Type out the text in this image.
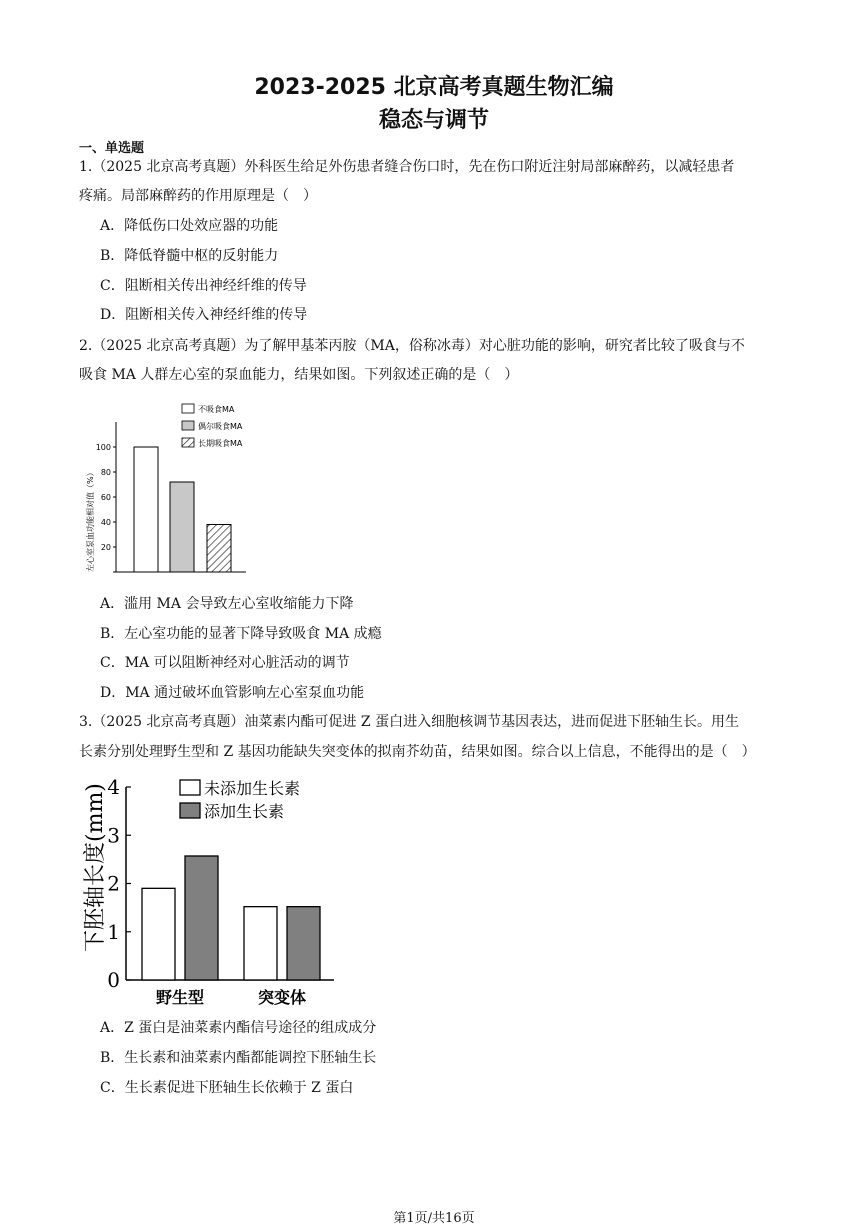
2023-2025 北京高考真题生物汇编
稳态与调节
一、单选题
1.（2025 北京高考真题）外科医生给足外伤患者缝合伤口时，先在伤口附近注射局部麻醉药，以减轻患者
疼痛。局部麻醉药的作用原理是（　）
A．降低伤口处效应器的功能
B．降低脊髓中枢的反射能力
C．阻断相关传出神经纤维的传导
D．阻断相关传入神经纤维的传导
2.（2025 北京高考真题）为了解甲基苯丙胺（MA，俗称冰毒）对心脏功能的影响，研究者比较了吸食与不
吸食 MA 人群左心室的泵血能力，结果如图。下列叙述正确的是（　）
不吸食MA
偶尔吸食MA
长期吸食MA
20
40
60
80
100
左心室泵血功能相对值（%）
A．滥用 MA 会导致左心室收缩能力下降
B．左心室功能的显著下降导致吸食 MA 成瘾
C．MA 可以阻断神经对心脏活动的调节
D．MA 通过破坏血管影响左心室泵血功能
3.（2025 北京高考真题）油菜素内酯可促进 Z 蛋白进入细胞核调节基因表达，进而促进下胚轴生长。用生
长素分别处理野生型和 Z 基因功能缺失突变体的拟南芥幼苗，结果如图。综合以上信息，不能得出的是（　）
未添加生长素
添加生长素
0
1
2
3
4
野生型	突变体
下胚轴长度(mm)
A．Z 蛋白是油菜素内酯信号途径的组成成分
B．生长素和油菜素内酯都能调控下胚轴生长
C．生长素促进下胚轴生长依赖于 Z 蛋白
第1页/共16页
